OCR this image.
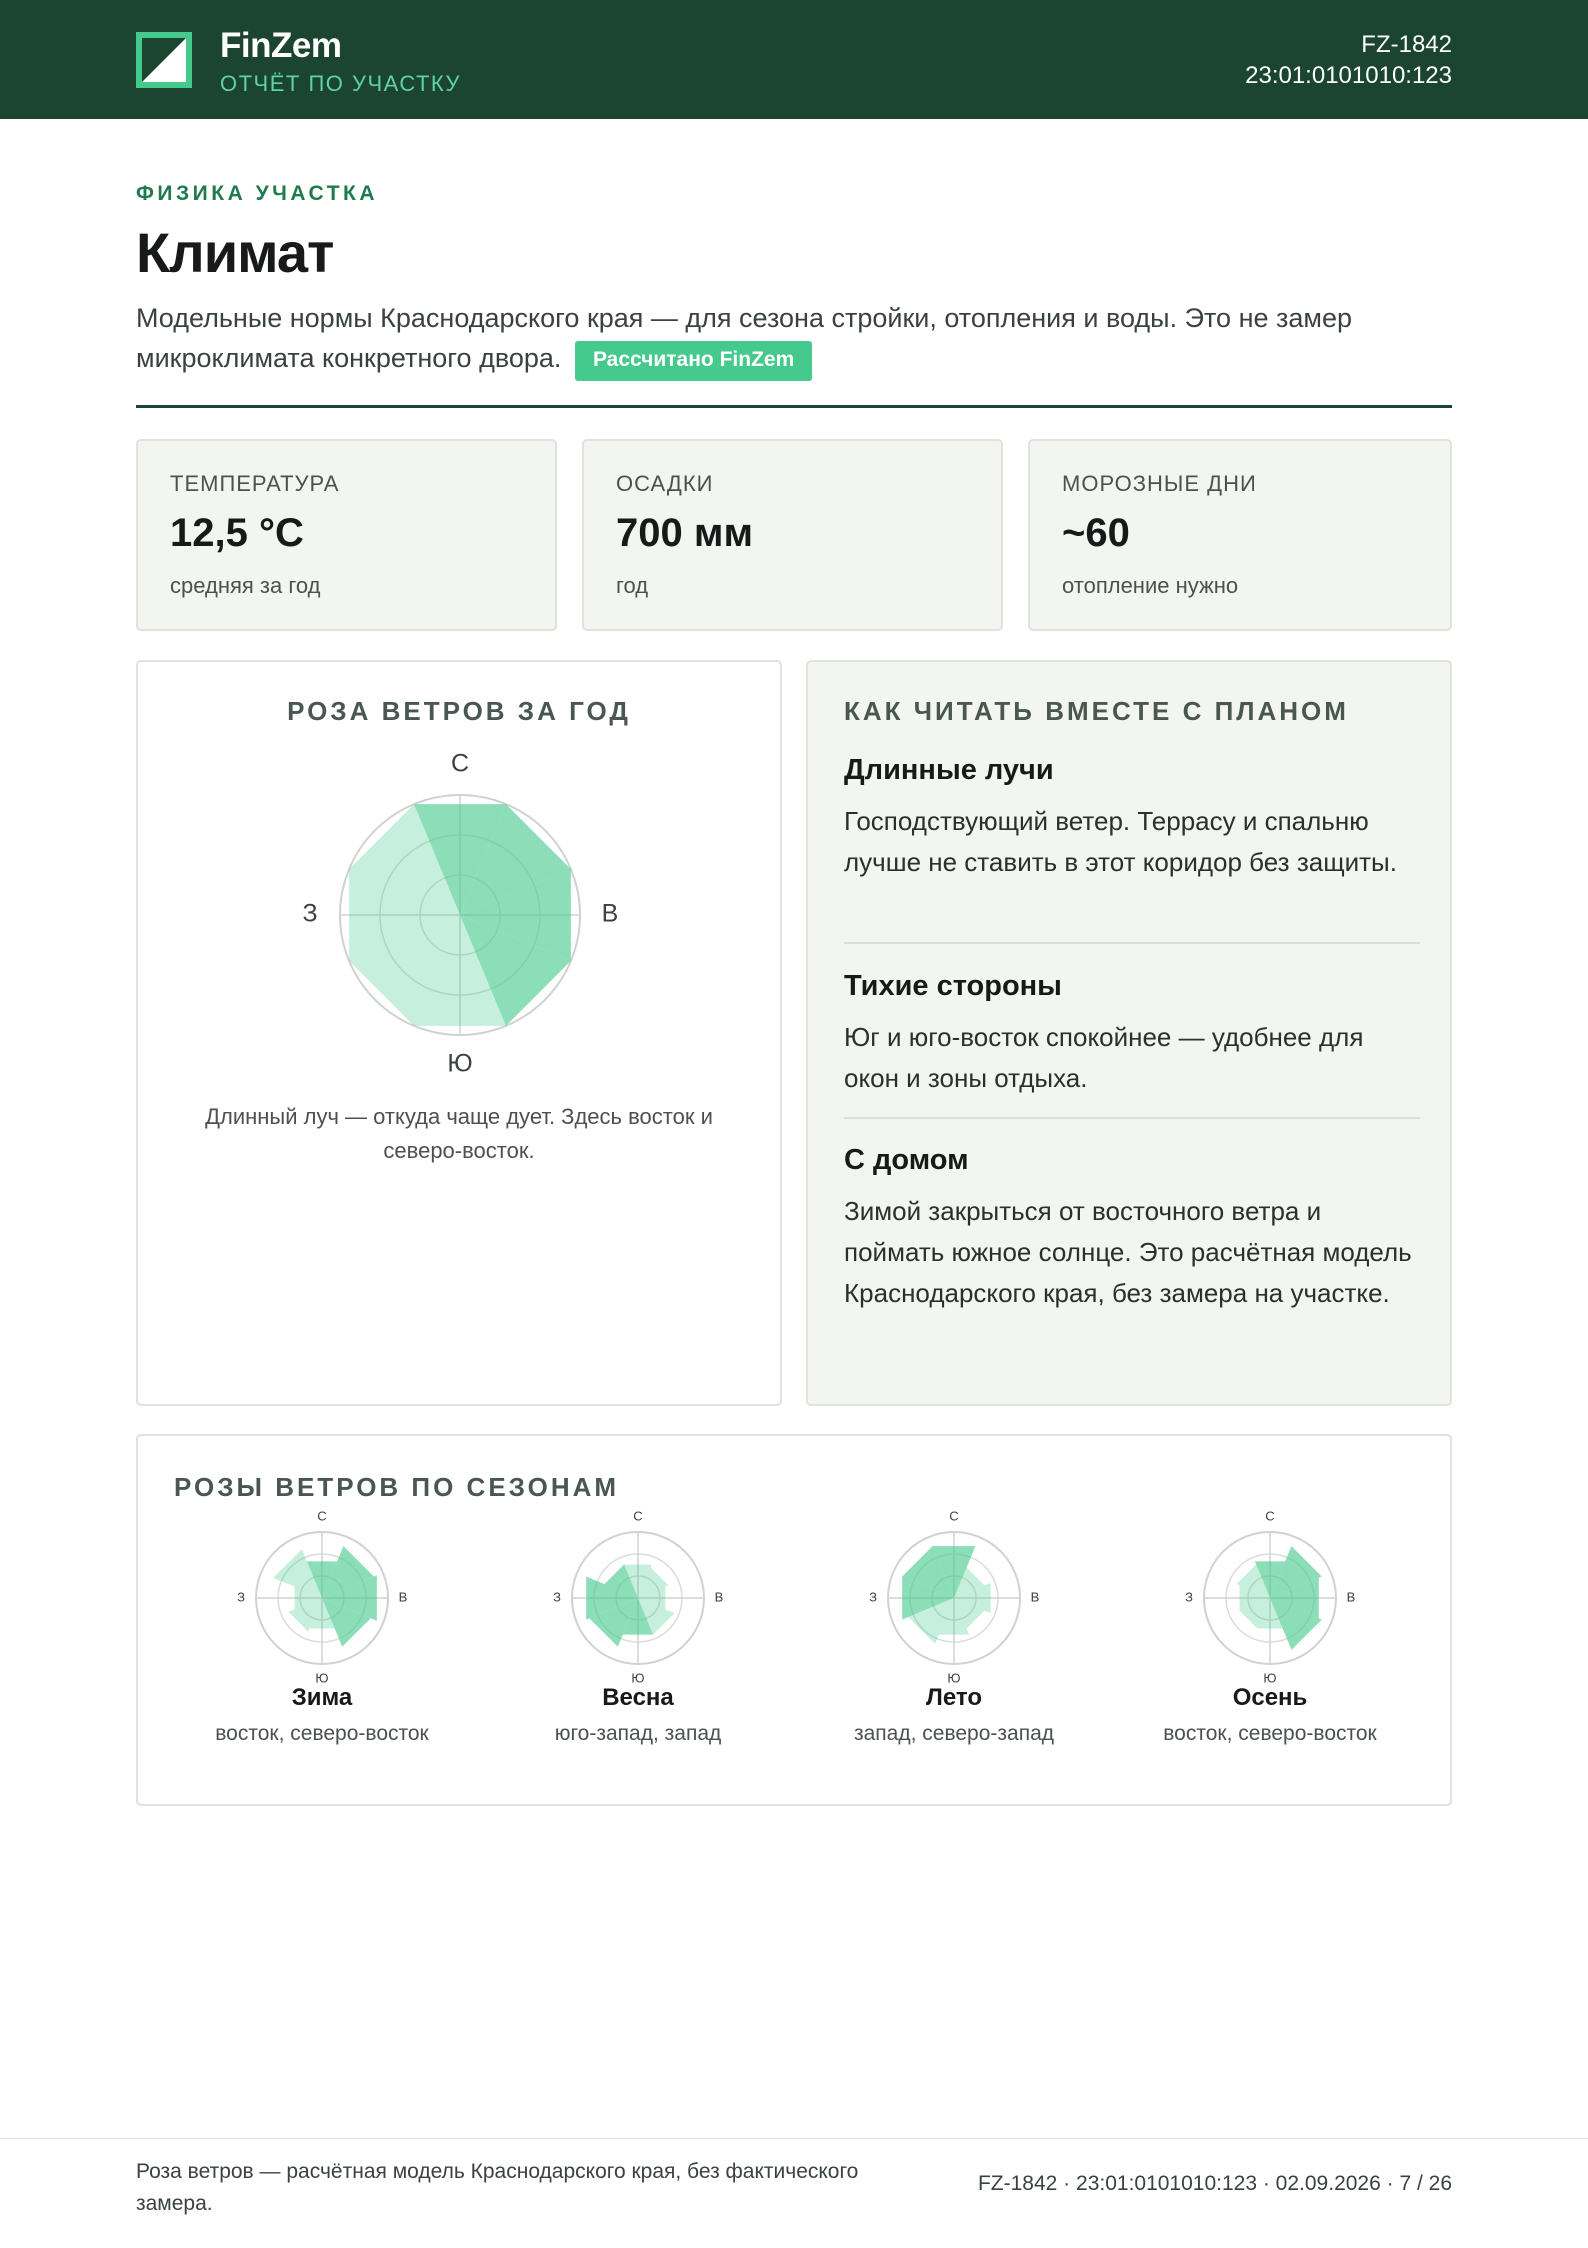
FinZem
ОТЧЁТ ПО УЧАСТКУ
FZ-1842
23:01:0101010:123
ФИЗИКА УЧАСТКА
Климат
Модельные нормы Краснодарского края — для сезона стройки, отопления и воды. Это не замер микроклимата конкретного двора. Рассчитано FinZem
ТЕМПЕРАТУРА
12,5 °C
средняя за год
ОСАДКИ
700 мм
год
МОРОЗНЫЕ ДНИ
~60
отопление нужно
РОЗА ВЕТРОВ ЗА ГОД
С
Ю
В
З
Длинный луч — откуда чаще дует. Здесь восток и северо-восток.
КАК ЧИТАТЬ ВМЕСТЕ С ПЛАНОМ
Длинные лучи
Господствующий ветер. Террасу и спальню лучше не ставить в этот коридор без защиты.
Тихие стороны
Юг и юго-восток спокойнее — удобнее для окон и зоны отдыха.
С домом
Зимой закрыться от восточного ветра и поймать южное солнце. Это расчётная модель Краснодарского края, без замера на участке.
РОЗЫ ВЕТРОВ ПО СЕЗОНАМ
С
Ю
В
З
Зима
восток, северо-восток
С
Ю
В
З
Весна
юго-запад, запад
С
Ю
В
З
Лето
запад, северо-запад
С
Ю
В
З
Осень
восток, северо-восток
Роза ветров — расчётная модель Краснодарского края, без фактического замера.
FZ-1842 · 23:01:0101010:123 · 02.09.2026 · 7 / 26
